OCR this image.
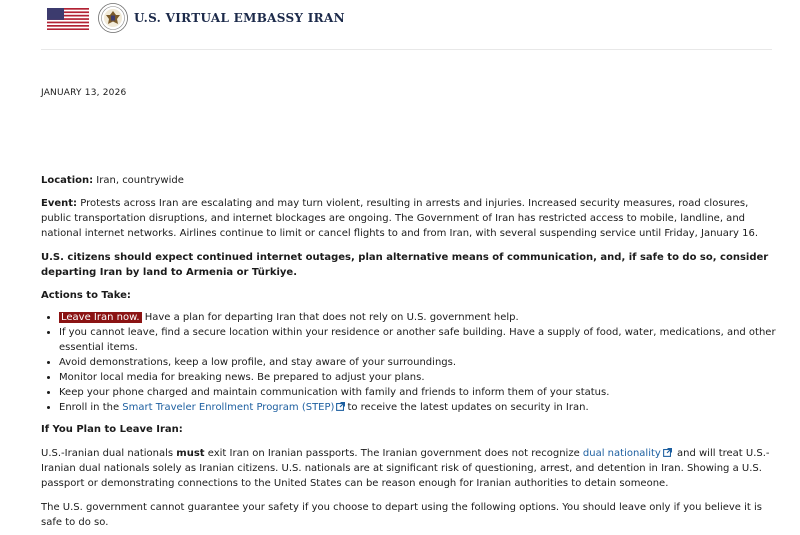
U.S. VIRTUAL EMBASSY IRAN
JANUARY 13, 2026

Location: Iran, countrywide

Event: Protests across Iran are escalating and may turn violent, resulting in arrests and injuries. Increased security measures, road closures, public transportation disruptions, and internet blockages are ongoing. The Government of Iran has restricted access to mobile, landline, and national internet networks. Airlines continue to limit or cancel flights to and from Iran, with several suspending service until Friday, January 16.

U.S. citizens should expect continued internet outages, plan alternative means of communication, and, if safe to do so, consider departing Iran by land to Armenia or Türkiye.

Actions to Take:

• Leave Iran now. Have a plan for departing Iran that does not rely on U.S. government help.
• If you cannot leave, find a secure location within your residence or another safe building. Have a supply of food, water, medications, and other essential items.
• Avoid demonstrations, keep a low profile, and stay aware of your surroundings.
• Monitor local media for breaking news. Be prepared to adjust your plans.
• Keep your phone charged and maintain communication with family and friends to inform them of your status.
• Enroll in the Smart Traveler Enrollment Program (STEP) to receive the latest updates on security in Iran.

If You Plan to Leave Iran:

U.S.-Iranian dual nationals must exit Iran on Iranian passports. The Iranian government does not recognize dual nationality and will treat U.S.-Iranian dual nationals solely as Iranian citizens. U.S. nationals are at significant risk of questioning, arrest, and detention in Iran. Showing a U.S. passport or demonstrating connections to the United States can be reason enough for Iranian authorities to detain someone.

The U.S. government cannot guarantee your safety if you choose to depart using the following options. You should leave only if you believe it is safe to do so.
